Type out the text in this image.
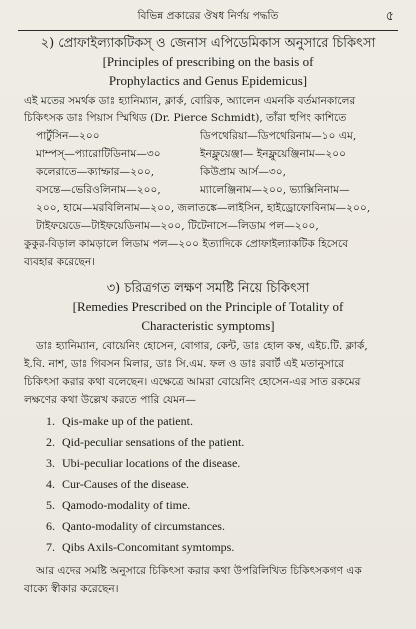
বিভিন্ন প্রকারের ঔষধ নির্ণয় পদ্ধতি	৫
২) প্রোফাইল্যাকটিকস্ ও জেনাস এপিডেমিকাস অনুসারে চিকিৎসা
[Principles of prescribing on the basis of
Prophylactics and Genus Epidemicus]
এই মতের সমর্থক ডাঃ হ্যানিম্যান, ক্লার্ক, বোরিক, অ্যালেন এমনকি বর্তমানকালের
চিকিৎসক ডাঃ পিয়াস স্মিথিড (Dr. Pierce Schmidt), তাঁরা হুপিং কাশিতে
পার্টুসিন—২০০	ডিপথেরিয়া—ডিপথেরিনাম—১০ এম,
মাম্পস্—প্যারোটিডিনাম—৩০	ইনফ্লুয়েঞ্জা— ইনফ্লুয়েঞ্জিনাম—২০০
কলেরাতে—ক্যাম্ফার—২০০,	কিউপ্রাম আর্স—৩০,
বসন্তে—ভেরিওলিনাম—২০০,	ম্যালেঞ্জিনাম—২০০, ভ্যাক্সিনিনাম—
২০০, হামে—মরবিলিনাম—২০০, জলাতঙ্কে—লাইসিন, হাইড্রোফোবিনাম—২০০,
টাইফয়েডে—টাইফয়েডিনাম—২০০, টিটেনাসে—লিডাম পল—২০০,
কুকুর-বিড়াল কামড়ালে লিডাম পল—২০০ ইত্যাদিকে প্রোফাইল্যাকটিক হিসেবে
ব্যবহার করেছেন।
৩) চরিত্রগত লক্ষণ সমষ্টি নিয়ে চিকিৎসা
[Remedies Prescribed on the Principle of Totality of
Characteristic symptoms]
ডাঃ হ্যানিম্যান, বোয়েনিং হোসেন, বোগার, কেন্ট, ডাঃ হোল কম্ব, এইচ.টি. ক্লার্ক,
ই.বি. নাশ, ডাঃ গিবসন মিলার, ডাঃ সি.এম. ফল ও ডাঃ রবার্ট এই মতানুসারে
চিকিৎসা করার কথা বলেছেন। এক্ষেত্রে আমরা বোয়েনিং হোসেন-এর সাত রকমের
লক্ষণের কথা উল্লেখ করতে পারি যেমন—
1. Qis-make up of the patient.
2. Qid-peculiar sensations of the patient.
3. Ubi-peculiar locations of the disease.
4. Cur-Causes of the disease.
5. Qamodo-modality of time.
6. Qanto-modality of circumstances.
7. Qibs Axils-Concomitant symtomps.
আর এদের সমষ্টি অনুসারে চিকিৎসা করার কথা উপরিলিখিত চিকিৎসকগণ এক
বাক্যে স্বীকার করেছেন।
